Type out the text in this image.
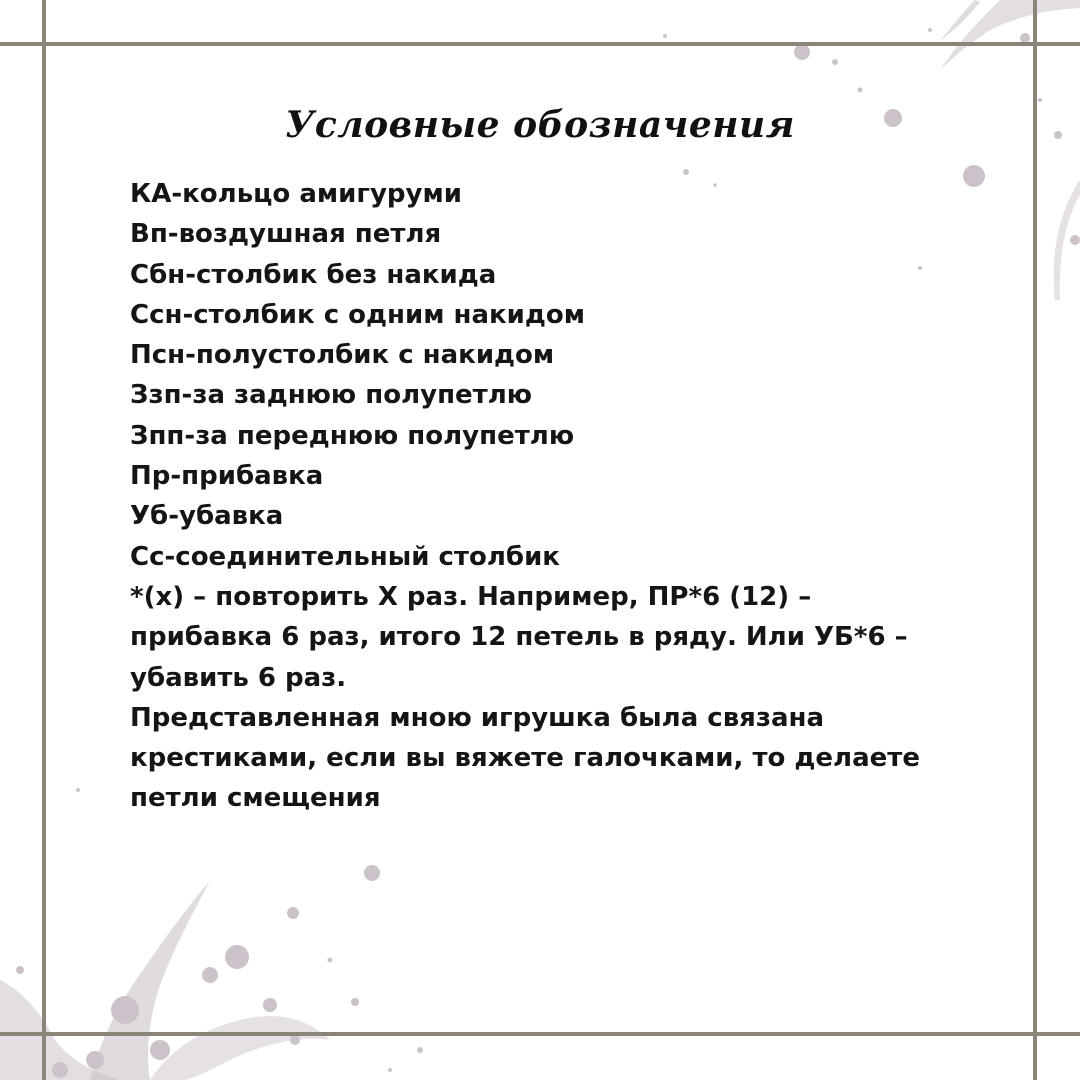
Условные обозначения
КА-кольцо амигуруми
Вп-воздушная петля
Сбн-столбик без накида
Ссн-столбик с одним накидом
Псн-полустолбик с накидом
Ззп-за заднюю полупетлю
Зпп-за переднюю полупетлю
Пр-прибавка
Уб-убавка
Сс-соединительный столбик
*(x) – повторить X раз. Например, ПР*6 (12) – прибавка 6 раз, итого 12 петель в ряду. Или УБ*6 – убавить 6 раз.
Представленная мною игрушка была связана крестиками, если вы вяжете галочками, то делаете петли смещения
